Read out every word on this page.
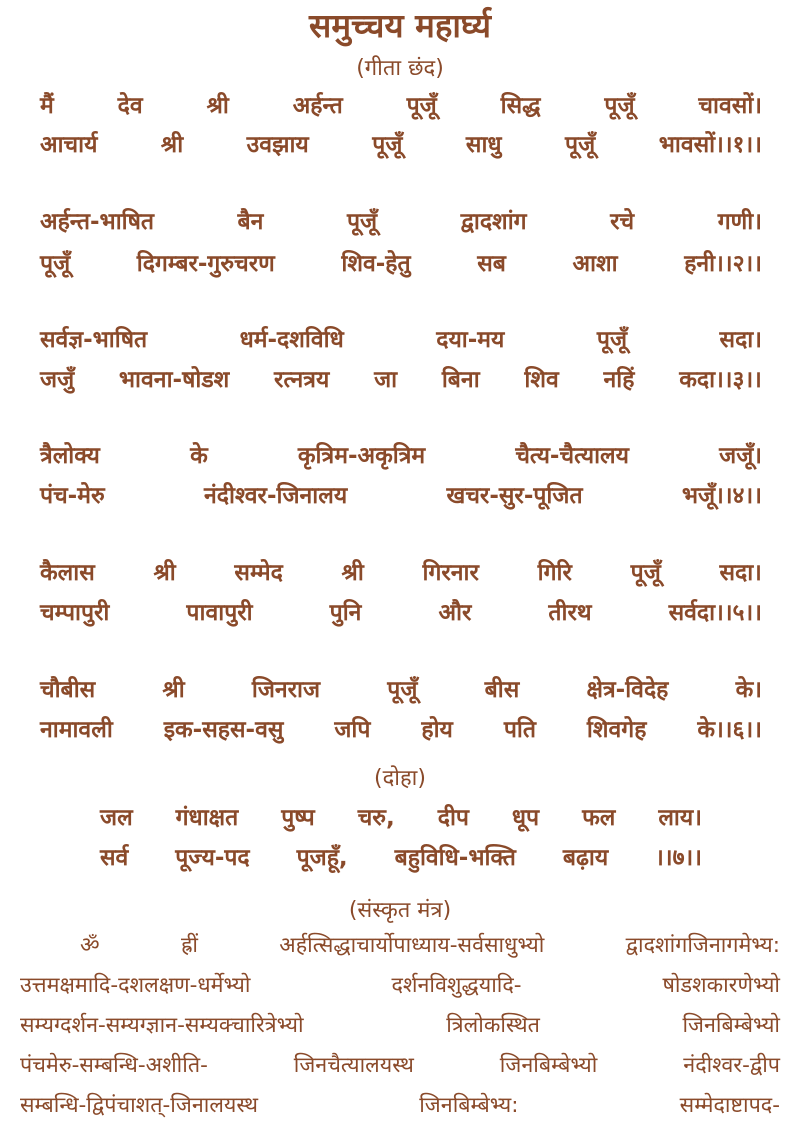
समुच्चय महार्घ्य
(गीता छंद)
(दोहा)
(संस्कृत मंत्र)
मैं	देव	श्री	अर्हन्त	पूजूँ	सिद्ध	पूजूँ	चावसों।
आचार्य	श्री	उवझाय	पूजूँ	साधु	पूजूँ	भावसों।।१।।
अर्हन्त-भाषित	बैन	पूजूँ	द्वादशांग	रचे	गणी।
पूजूँ	दिगम्बर-गुरुचरण	शिव-हेतु	सब	आशा	हनी।।२।।
सर्वज्ञ-भाषित	धर्म-दशविधि	दया-मय	पूजूँ	सदा।
जजुँ भावना-षोडश रत्नत्रय जा बिना शिव नहिं कदा।।३।।
त्रैलोक्य	के	कृत्रिम-अकृत्रिम	चैत्य-चैत्यालय	जजूँ।
पंच-मेरु	नंदीश्वर-जिनालय	खचर-सुर-पूजित	भजूँ।।४।।
कैलास	श्री	सम्मेद	श्री	गिरनार	गिरि	पूजूँ	सदा।
चम्पापुरी	पावापुरी	पुनि	और	तीरथ	सर्वदा।।५।।
चौबीस	श्री	जिनराज	पूजूँ	बीस	क्षेत्र-विदेह	के।
नामावली इक-सहस-वसु जपि होय पति शिवगेह के।।६।।
जल गंधाक्षत पुष्प चरु, दीप धूप फल लाय।
सर्व पूज्य-पद पूजहूँ, बहुविधि-भक्ति बढ़ाय ।।७।।
ॐ	ह्रीं	अर्हत्सिद्धाचार्योपाध्याय-सर्वसाधुभ्यो	द्वादशांगजिनागमेभ्य:
उत्तमक्षमादि-दशलक्षण-धर्मेभ्यो	दर्शनविशुद्धयादि-	षोडशकारणेभ्यो
सम्यग्दर्शन-सम्यग्ज्ञान-सम्यक्चारित्रेभ्यो	त्रिलोकस्थित	जिनबिम्बेभ्यो
पंचमेरु-सम्बन्धि-अशीति-	जिनचैत्यालयस्थ	जिनबिम्बेभ्यो	नंदीश्वर-द्वीप
सम्बन्धि-द्विपंचाशत्-जिनालयस्थ	जिनबिम्बेभ्य:	सम्मेदाष्टापद-
